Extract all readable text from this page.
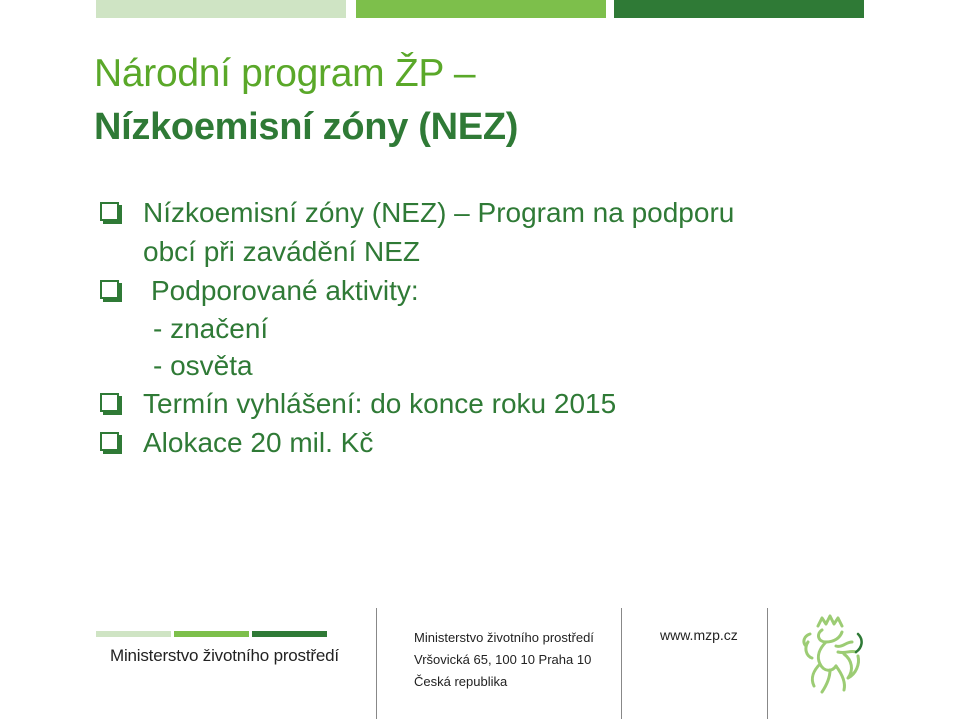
Národní program ŽP –
Nízkoemisní zóny (NEZ)
Nízkoemisní zóny (NEZ) – Program na podporu
obcí při zavádění NEZ
Podporované aktivity:
- značení
- osvěta
Termín vyhlášení: do konce roku 2015
Alokace 20 mil. Kč
Ministerstvo životního prostředí
Ministerstvo životního prostředí
Vršovická 65, 100 10 Praha 10
Česká republika
www.mzp.cz
